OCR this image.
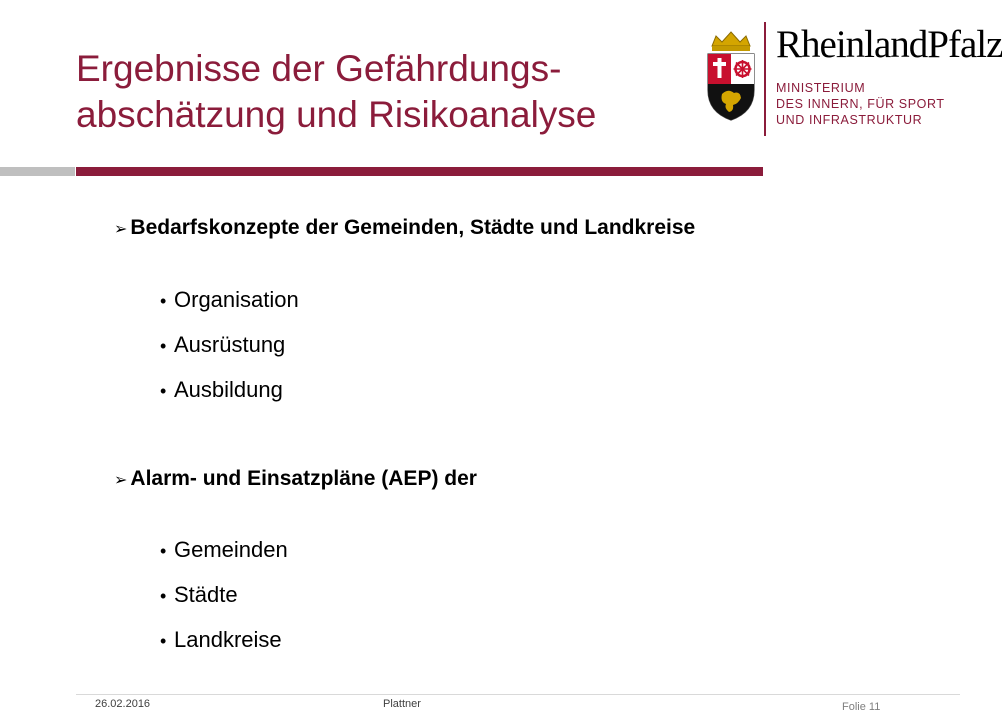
Ergebnisse der Gefährdungs-
abschätzung und Risikoanalyse
RheinlandPfalz
MINISTERIUM
DES INNERN, FÜR SPORT
UND INFRASTRUKTUR
➢ Bedarfskonzepte der Gemeinden, Städte und Landkreise
• Organisation
• Ausrüstung
• Ausbildung
➢ Alarm- und Einsatzpläne (AEP) der
• Gemeinden
• Städte
• Landkreise
26.02.2016	Plattner	Folie 11
